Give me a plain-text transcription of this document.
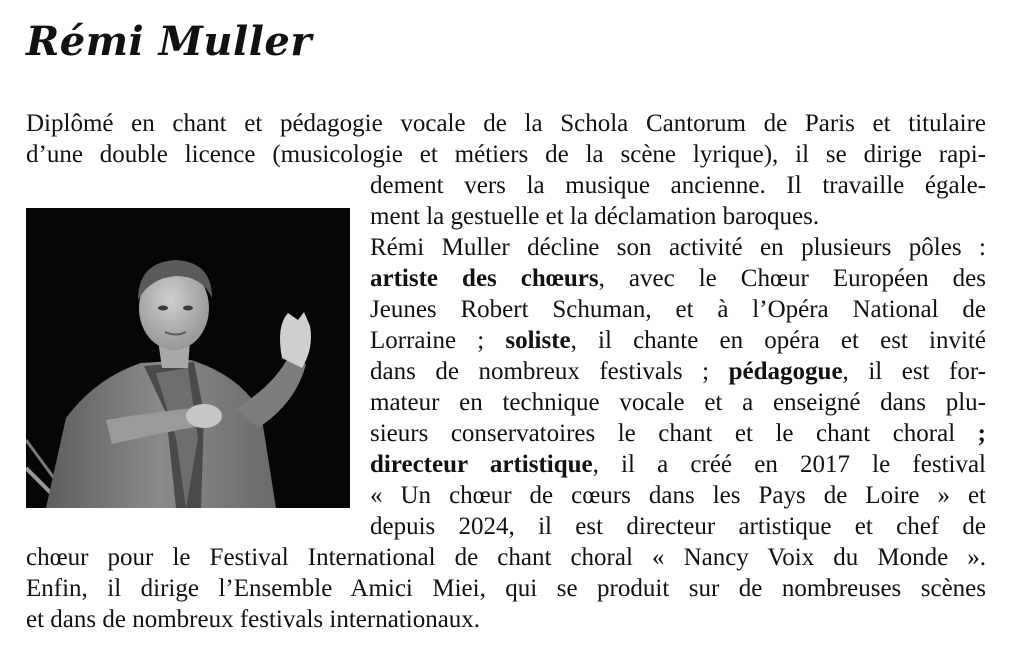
Rémi Muller
Diplômé en chant et pédagogie vocale de la Schola Cantorum de Paris et titulaire
d’une double licence (musicologie et métiers de la scène lyrique), il se dirige rapi-
dement vers la musique ancienne. Il travaille égale-
ment la gestuelle et la déclamation baroques.
Rémi Muller décline son activité en plusieurs pôles :
artiste des chœurs, avec le Chœur Européen des
Jeunes Robert Schuman, et à l’Opéra National de
Lorraine ; soliste, il chante en opéra et est invité
dans de nombreux festivals ; pédagogue, il est for-
mateur en technique vocale et a enseigné dans plu-
sieurs conservatoires le chant et le chant choral ;
directeur artistique, il a créé en 2017 le festival
« Un chœur de cœurs dans les Pays de Loire » et
depuis 2024, il est directeur artistique et chef de
chœur pour le Festival International de chant choral « Nancy Voix du Monde ».
Enfin, il dirige l’Ensemble Amici Miei, qui se produit sur de nombreuses scènes
et dans de nombreux festivals internationaux.
